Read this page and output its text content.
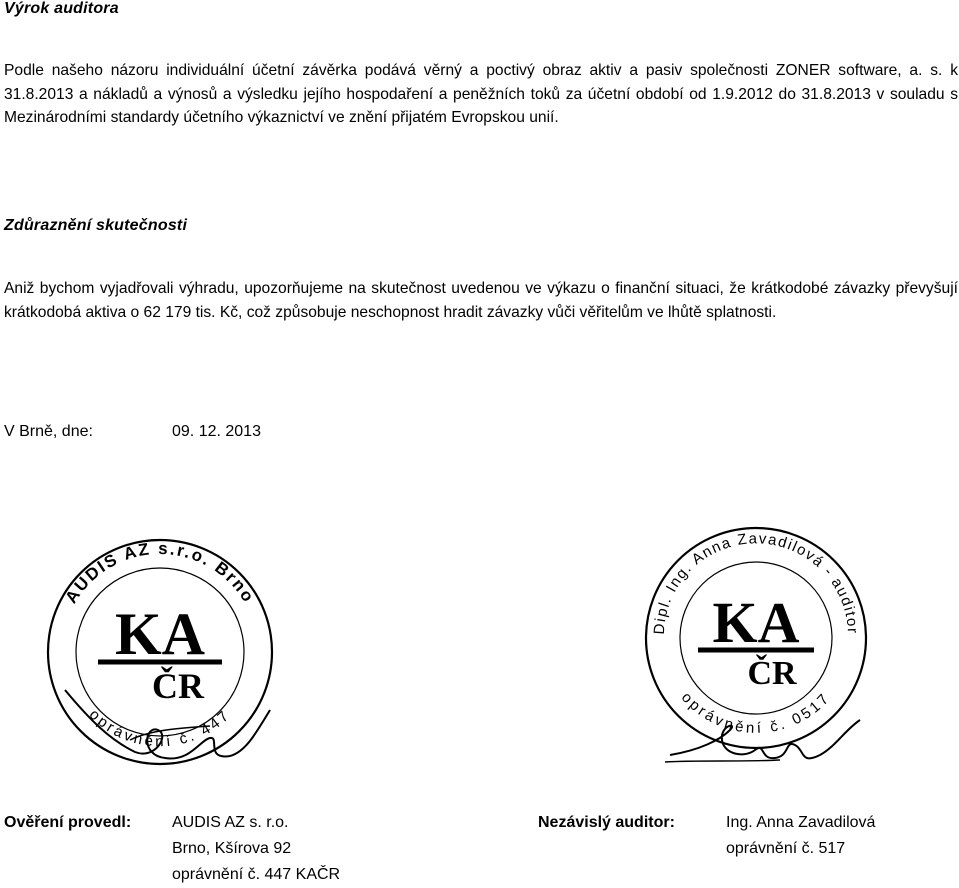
Výrok auditora
Podle našeho názoru individuální účetní závěrka podává věrný a poctivý obraz aktiv a pasiv společnosti ZONER software, a. s. k 31.8.2013 a nákladů a výnosů a výsledku jejího hospodaření a peněžních toků za účetní období od 1.9.2012 do 31.8.2013 v souladu s Mezinárodními standardy účetního výkaznictví ve znění přijatém Evropskou unií.
Zdůraznění skutečnosti
Aniž bychom vyjadřovali výhradu, upozorňujeme na skutečnost uvedenou ve výkazu o finanční situaci, že krátkodobé závazky převyšují krátkodobá aktiva o 62 179 tis. Kč, což způsobuje neschopnost hradit závazky vůči věřitelům ve lhůtě splatnosti.
V Brně, dne:	09. 12. 2013
AUDIS AZ s.r.o. Brno
oprávnění č. 447
KA
ČR
Dipl. Ing. Anna Zavadilová - auditor
oprávnění č. 0517
KA
ČR
Ověření provedl:	AUDIS AZ s. r.o.
Brno, Kšírova 92
oprávnění č. 447 KAČR
Nezávislý auditor:	Ing. Anna Zavadilová
oprávnění č. 517
